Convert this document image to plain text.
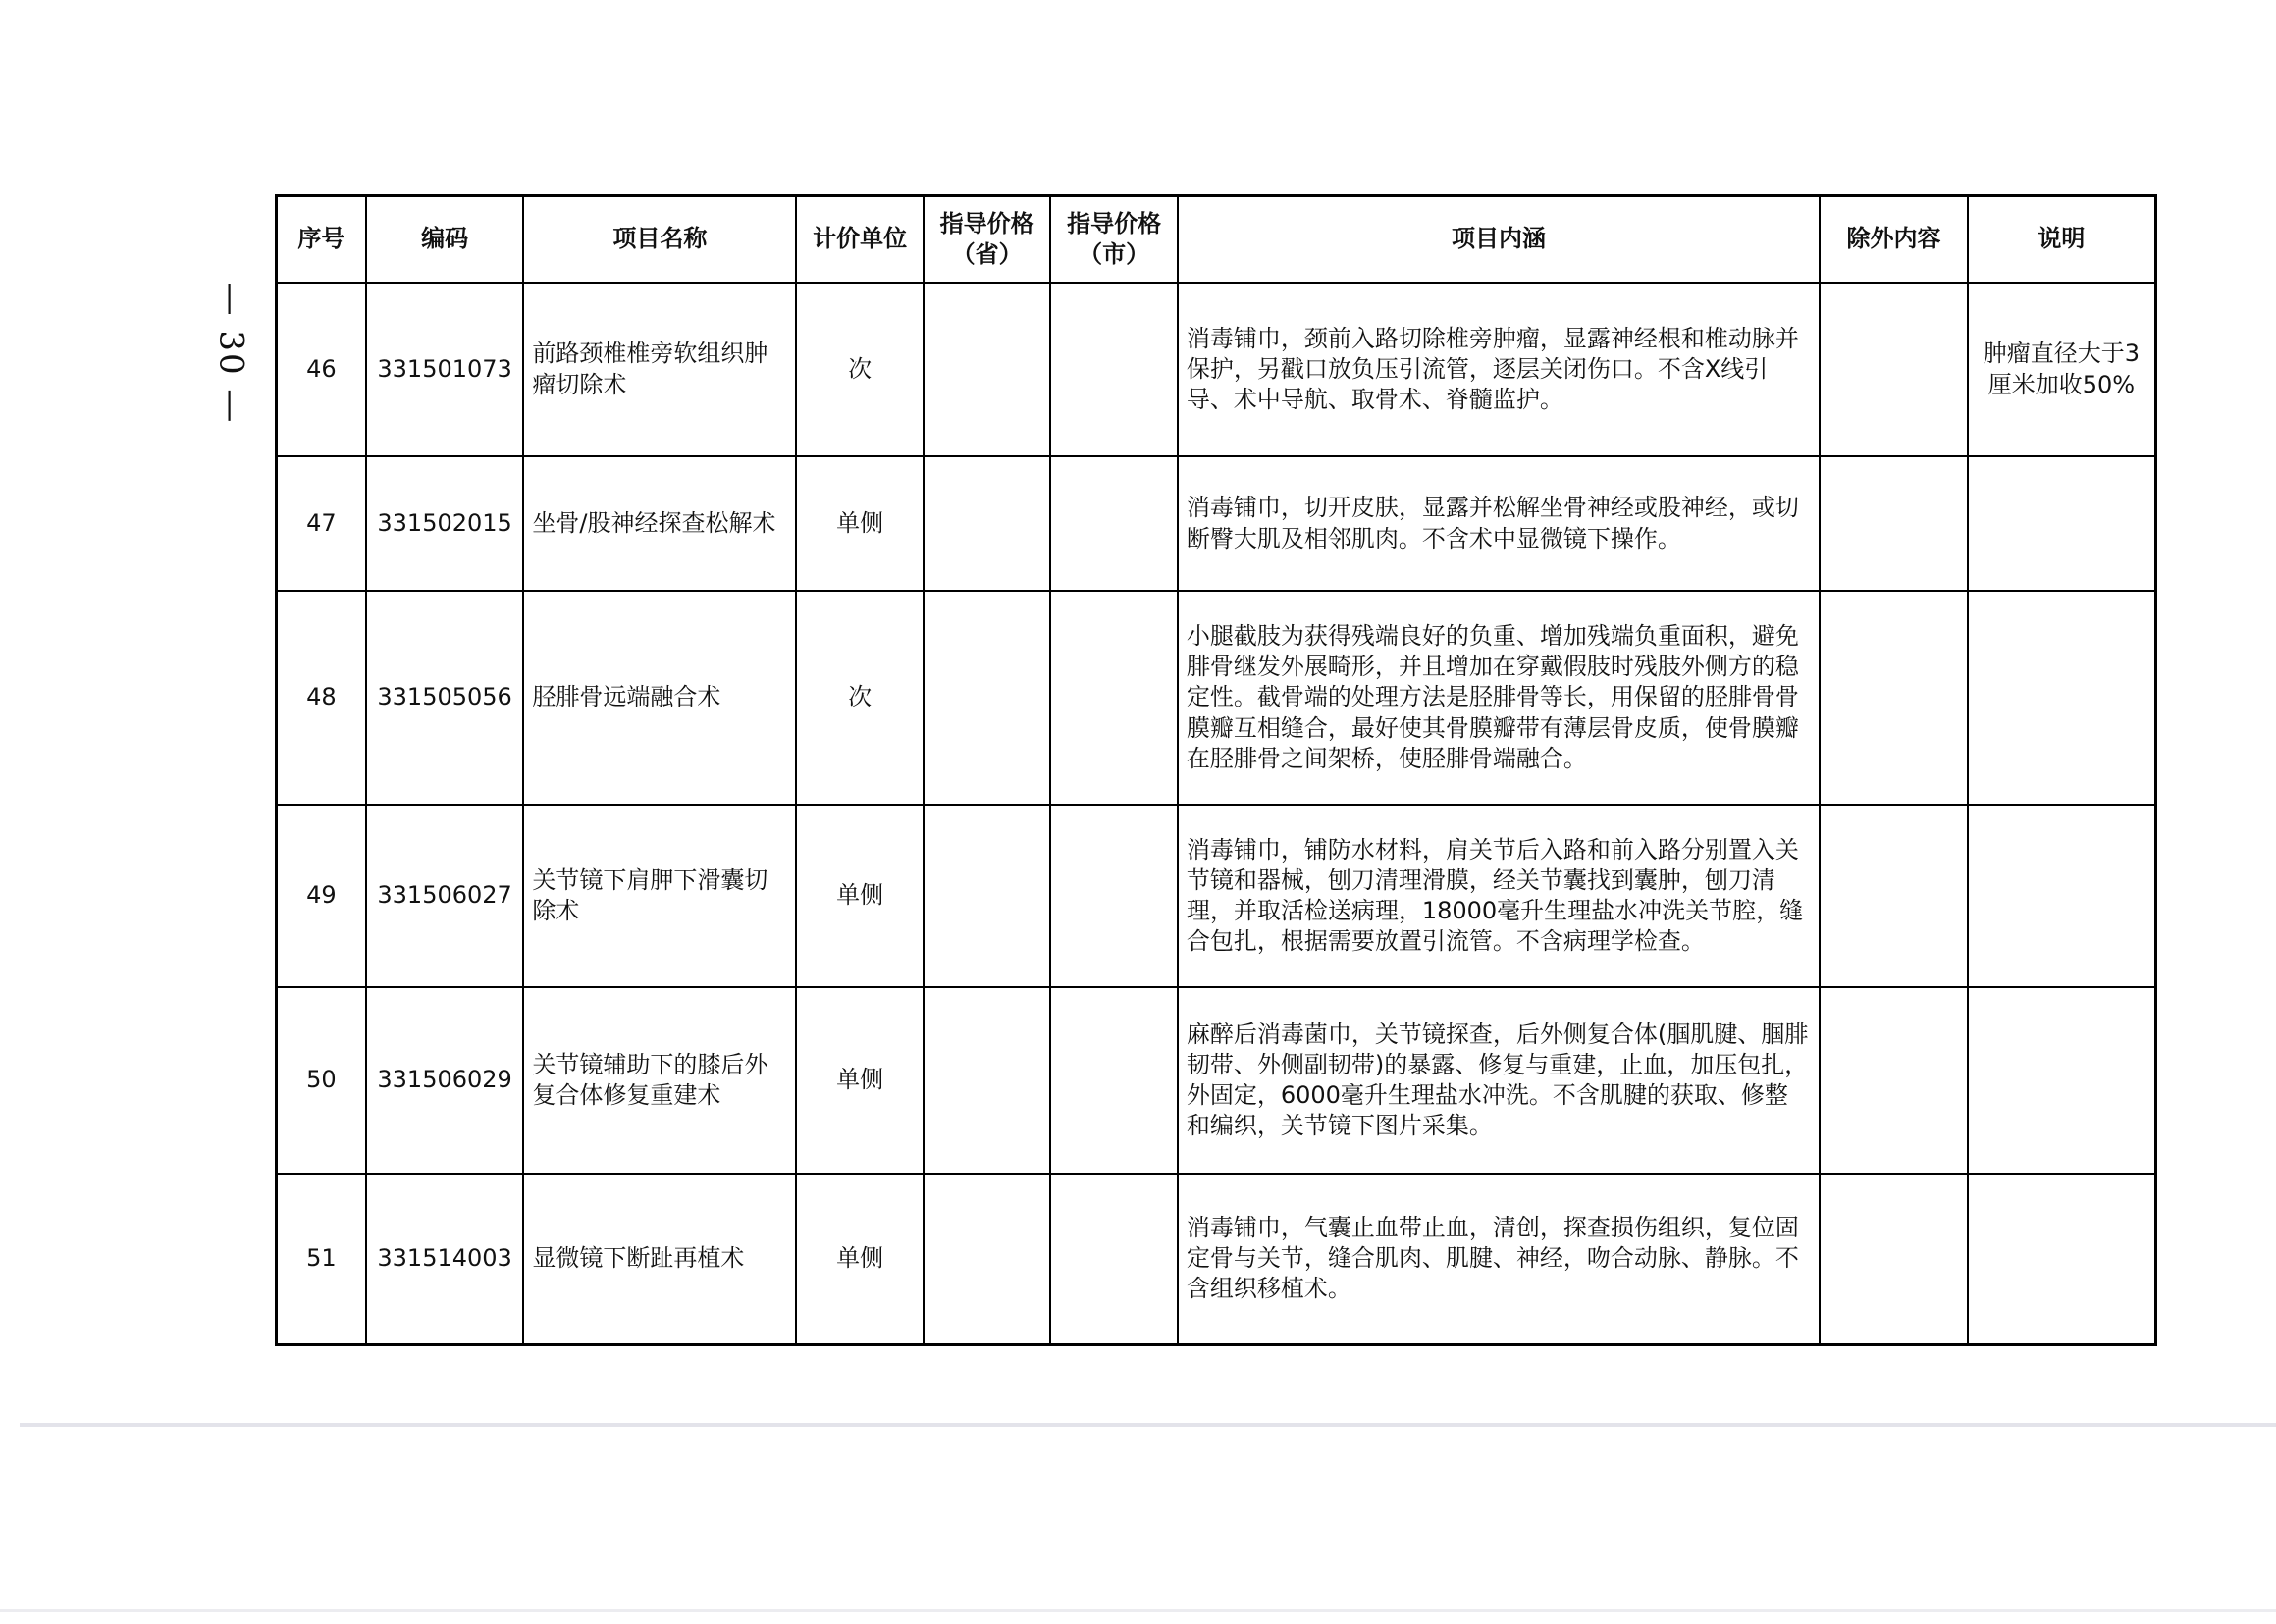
— 30 —
序号	编码	项目名称	计价单位	指导价格（省）	指导价格（市）	项目内涵	除外内容	说明
46	331501073	前路颈椎椎旁软组织肿瘤切除术	次			消毒铺巾，颈前入路切除椎旁肿瘤，显露神经根和椎动脉并保护，另戳口放负压引流管，逐层关闭伤口。不含X线引导、术中导航、取骨术、脊髓监护。		肿瘤直径大于3厘米加收50%
47	331502015	坐骨/股神经探查松解术	单侧			消毒铺巾，切开皮肤，显露并松解坐骨神经或股神经，或切断臀大肌及相邻肌肉。不含术中显微镜下操作。		
48	331505056	胫腓骨远端融合术	次			小腿截肢为获得残端良好的负重、增加残端负重面积，避免腓骨继发外展畸形，并且增加在穿戴假肢时残肢外侧方的稳定性。截骨端的处理方法是胫腓骨等长，用保留的胫腓骨骨膜瓣互相缝合，最好使其骨膜瓣带有薄层骨皮质，使骨膜瓣在胫腓骨之间架桥，使胫腓骨端融合。		
49	331506027	关节镜下肩胛下滑囊切除术	单侧			消毒铺巾，铺防水材料，肩关节后入路和前入路分别置入关节镜和器械，刨刀清理滑膜，经关节囊找到囊肿，刨刀清理，并取活检送病理，18000毫升生理盐水冲洗关节腔，缝合包扎，根据需要放置引流管。不含病理学检查。		
50	331506029	关节镜辅助下的膝后外复合体修复重建术	单侧			麻醉后消毒菌巾，关节镜探查，后外侧复合体(腘肌腱、腘腓韧带、外侧副韧带)的暴露、修复与重建，止血，加压包扎，外固定，6000毫升生理盐水冲洗。不含肌腱的获取、修整和编织，关节镜下图片采集。		
51	331514003	显微镜下断趾再植术	单侧			消毒铺巾，气囊止血带止血，清创，探查损伤组织，复位固定骨与关节，缝合肌肉、肌腱、神经，吻合动脉、静脉。不含组织移植术。		
